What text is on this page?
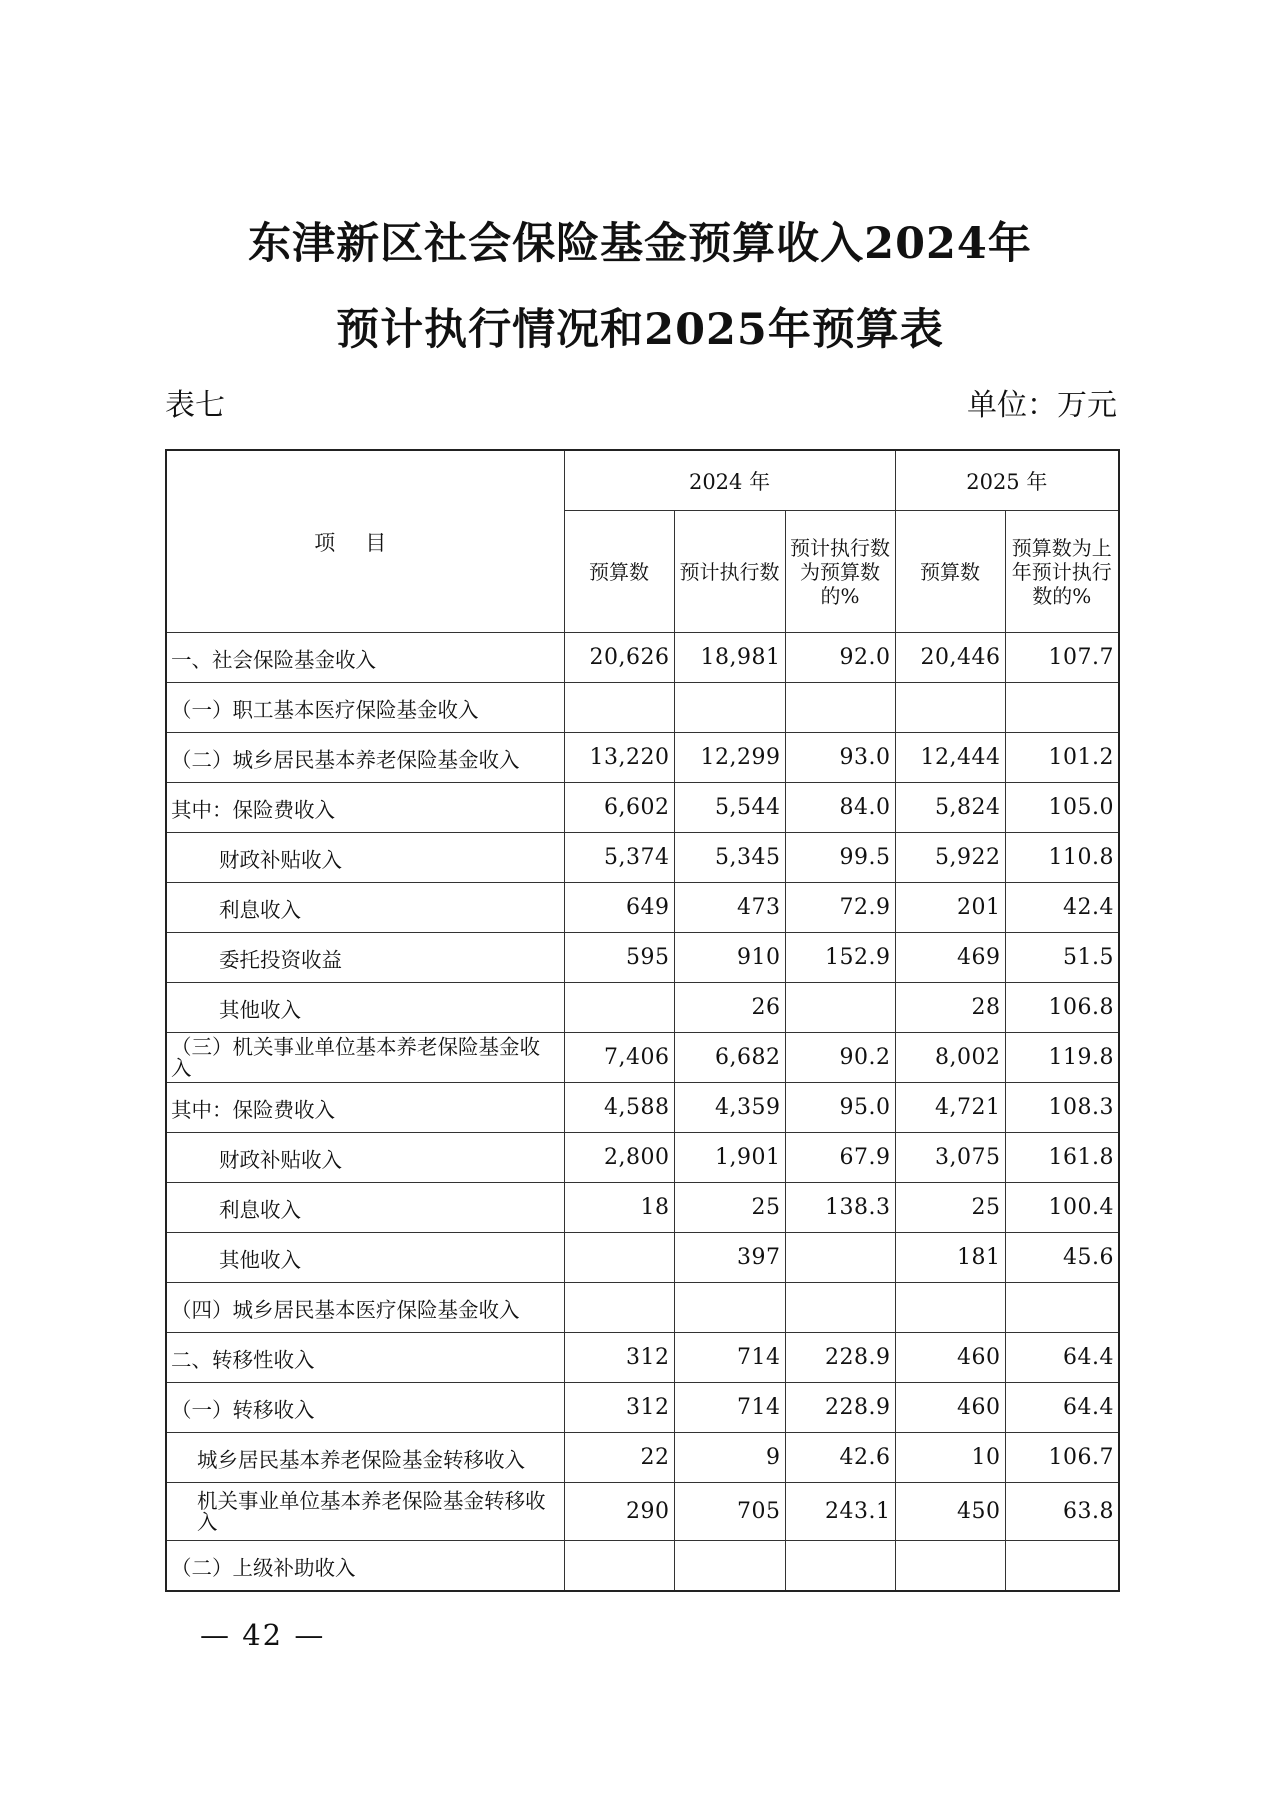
东津新区社会保险基金预算收入2024年
预计执行情况和2025年预算表
表七	单位：万元
项目	2024 年			2025 年	
	预算数	预计执行数	预计执行数为预算数的%	预算数	预算数为上年预计执行数的%
一、社会保险基金收入	20,626	18,981	92.0	20,446	107.7
（一）职工基本医疗保险基金收入					
（二）城乡居民基本养老保险基金收入	13,220	12,299	93.0	12,444	101.2
其中：保险费收入	6,602	5,544	84.0	5,824	105.0
财政补贴收入	5,374	5,345	99.5	5,922	110.8
利息收入	649	473	72.9	201	42.4
委托投资收益	595	910	152.9	469	51.5
其他收入		26		28	106.8
（三）机关事业单位基本养老保险基金收入	7,406	6,682	90.2	8,002	119.8
其中：保险费收入	4,588	4,359	95.0	4,721	108.3
财政补贴收入	2,800	1,901	67.9	3,075	161.8
利息收入	18	25	138.3	25	100.4
其他收入		397		181	45.6
（四）城乡居民基本医疗保险基金收入					
二、转移性收入	312	714	228.9	460	64.4
（一）转移收入	312	714	228.9	460	64.4
城乡居民基本养老保险基金转移收入	22	9	42.6	10	106.7
机关事业单位基本养老保险基金转移收入	290	705	243.1	450	63.8
（二）上级补助收入					
— 42 —
